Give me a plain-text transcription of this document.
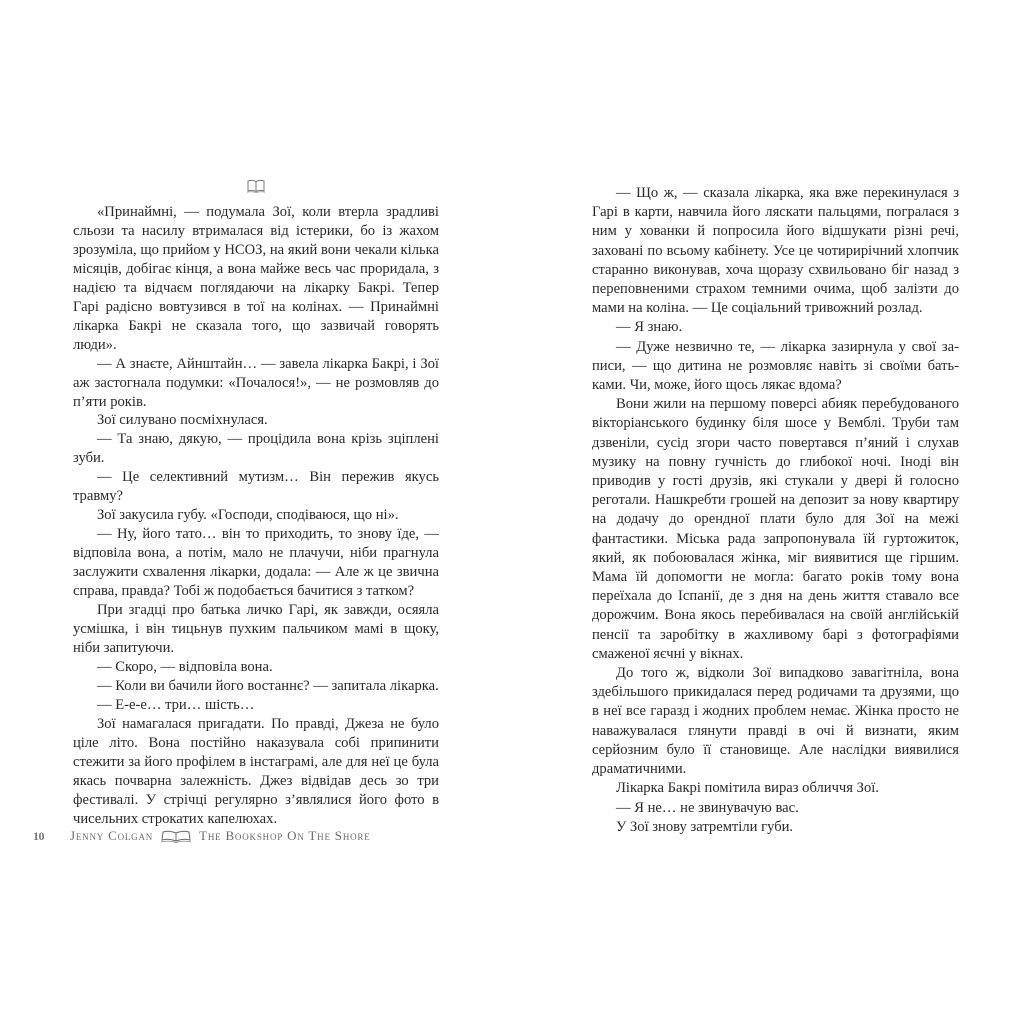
«Принаймні, — подумала Зої, коли втерла зрадливі сльози та насилу втрималася від істерики, бо із жахом зрозуміла, що прийом у НСОЗ, на який вони чекали кілька місяців, добігає кінця, а вона майже весь час проридала, з надією та відчаєм поглядаючи на лікарку Бакрі. Тепер Гарі радісно вовтузився в тої на колінах. — Принаймні лікарка Бакрі не сказала того, що зазвичай говорять люди».

— А знаєте, Айнштайн… — завела лікарка Бакрі, і Зої аж застогнала подумки: «Почалося!», — не розмовляв до п’яти років.

Зої силувано посміхнулася.

— Та знаю, дякую, — процідила вона крізь зціплені зуби.

— Це селективний мутизм… Він пережив якусь травму?

Зої закусила губу. «Господи, сподіваюся, що ні».

— Ну, його тато… він то приходить, то знову їде, — відповіла вона, а потім, мало не плачучи, ніби прагнула заслужити схвалення лікарки, додала: — Але ж це звична справа, правда? Тобі ж подобається бачитися з татком?

При згадці про батька личко Гарі, як завжди, осяяла усмішка, і він тицьнув пухким пальчиком мамі в щоку, ніби запитуючи.

— Скоро, — відповіла вона.

— Коли ви бачили його востаннє? — запитала лікарка.

— Е-е-е… три… шість…

Зої намагалася пригадати. По правді, Джеза не було ціле літо. Вона постійно наказувала собі припинити стежити за його профілем в інстаграмі, але для неї це була якась почварна залежність. Джез відвідав десь зо три фестивалі. У стрічці регулярно з’являлися його фото в чисельних строкатих капелюхах.

10 Jenny Colgan	The Bookshop On The Shore

— Що ж, — сказала лікарка, яка вже перекинулася з Гарі в карти, навчила його ляскати пальцями, погралася з ним у хованки й попросила його відшукати різні речі, заховані по всьому кабінету. Усе це чотирирічний хлопчик старанно виконував, хоча щоразу схвильовано біг назад з переповненими страхом темними очима, щоб залізти до мами на коліна. — Це соціальний тривожний розлад.

— Я знаю.

— Дуже незвично те, — лікарка зазирнула у свої записи, — що дитина не розмовляє навіть зі своїми батьками. Чи, може, його щось лякає вдома?

Вони жили на першому поверсі абияк перебудованого вікторіанського будинку біля шосе у Вемблі. Труби там дзвеніли, сусід згори часто повертався п’яний і слухав музику на повну гучність до глибокої ночі. Іноді він приводив у гості друзів, які стукали у двері й голосно реготали. Нашкребти грошей на депозит за нову квартиру на додачу до орендної плати було для Зої на межі фантастики. Міська рада запропонувала їй гуртожиток, який, як побоювалася жінка, міг виявитися ще гіршим. Мама їй допомогти не могла: багато років тому вона переїхала до Іспанії, де з дня на день життя ставало все дорожчим. Вона якось перебивалася на своїй англійській пенсії та заробітку в жахливому барі з фотографіями смаженої яєчні у вікнах.

До того ж, відколи Зої випадково завагітніла, вона здебільшого прикидалася перед родичами та друзями, що в неї все гаразд і жодних проблем немає. Жінка просто не наважувалася глянути правді в очі й визнати, яким серйозним було її становище. Але наслідки виявилися драматичними.

Лікарка Бакрі помітила вираз обличчя Зої.

— Я не… не звинувачую вас.

У Зої знову затремтіли губи.
